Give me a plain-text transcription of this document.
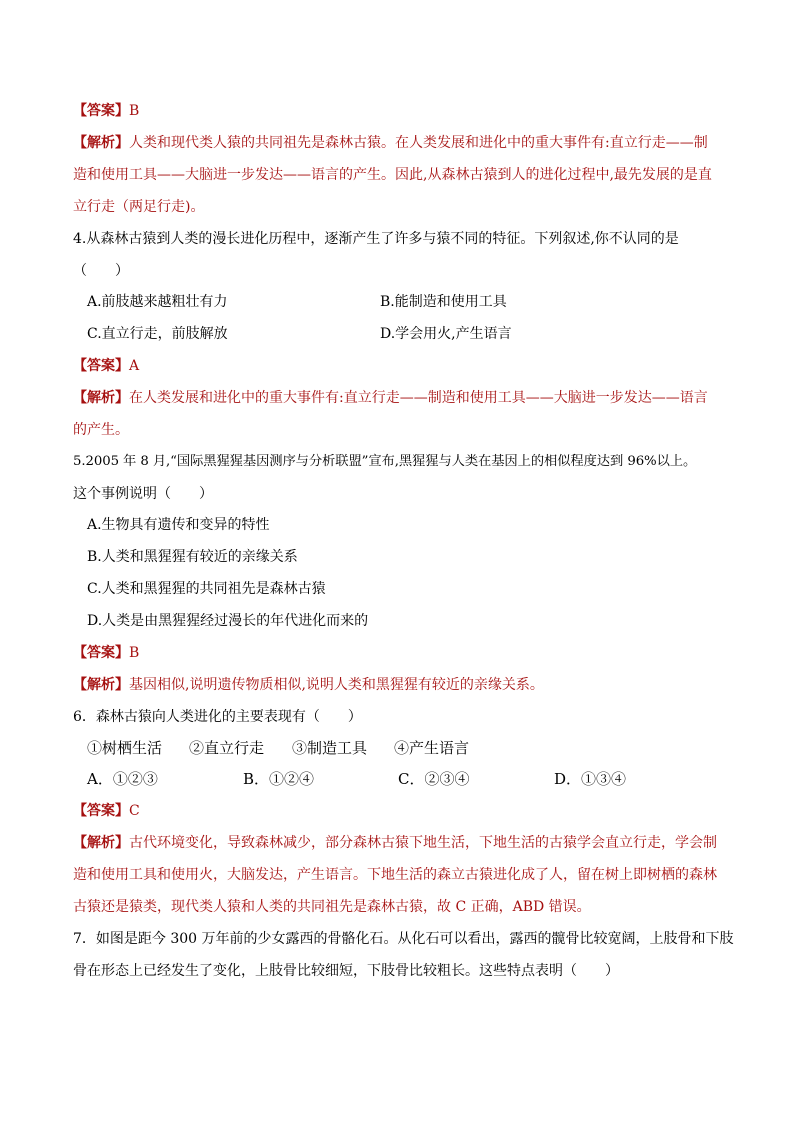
【答案】B
【解析】人类和现代类人猿的共同祖先是森林古猿。在人类发展和进化中的重大事件有:直立行走——制
造和使用工具——大脑进一步发达——语言的产生。因此,从森林古猿到人的进化过程中,最先发展的是直
立行走（两足行走)。
4.从森林古猿到人类的漫长进化历程中，逐渐产生了许多与猿不同的特征。下列叙述,你不认同的是
（　　）
A.前肢越来越粗壮有力	B.能制造和使用工具
C.直立行走，前肢解放	D.学会用火,产生语言
【答案】A
【解析】在人类发展和进化中的重大事件有:直立行走——制造和使用工具——大脑进一步发达——语言
的产生。
5.2005 年 8 月,“国际黑猩猩基因测序与分析联盟”宣布,黑猩猩与人类在基因上的相似程度达到 96%以上。
这个事例说明（　　）
A.生物具有遗传和变异的特性
B.人类和黑猩猩有较近的亲缘关系
C.人类和黑猩猩的共同祖先是森林古猿
D.人类是由黑猩猩经过漫长的年代进化而来的
【答案】B
【解析】基因相似,说明遗传物质相似,说明人类和黑猩猩有较近的亲缘关系。
6．森林古猿向人类进化的主要表现有（　　）
①树栖生活 ②直立行走 ③制造工具 ④产生语言
A．①②③	B．①②④	C．②③④	D．①③④
【答案】C
【解析】古代环境变化，导致森林减少，部分森林古猿下地生活，下地生活的古猿学会直立行走，学会制
造和使用工具和使用火，大脑发达，产生语言。下地生活的森立古猿进化成了人，留在树上即树栖的森林
古猿还是猿类，现代类人猿和人类的共同祖先是森林古猿，故 C 正确，ABD 错误。
7．如图是距今 300 万年前的少女露西的骨骼化石。从化石可以看出，露西的髋骨比较宽阔，上肢骨和下肢
骨在形态上已经发生了变化，上肢骨比较细短，下肢骨比较粗长。这些特点表明（　　）
